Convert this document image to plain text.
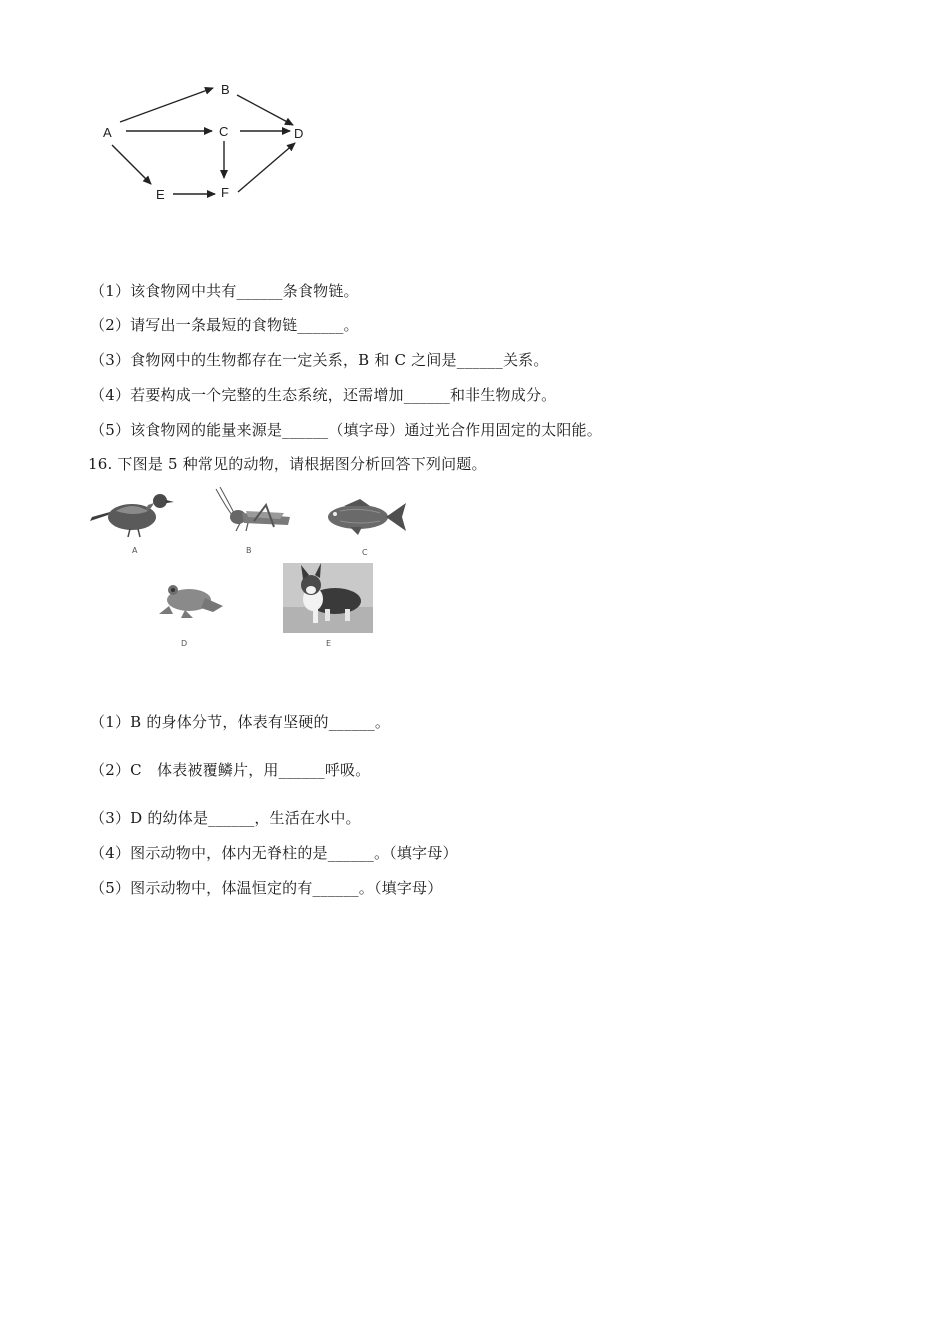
A
B
C	D
E	F
（1）该食物网中共有______条食物链。
（2）请写出一条最短的食物链______。
（3）食物网中的生物都存在一定关系，B 和 C 之间是______关系。
（4）若要构成一个完整的生态系统，还需增加______和非生物成分。
（5）该食物网的能量来源是______（填字母）通过光合作用固定的太阳能。
16. 下图是 5 种常见的动物，请根据图分析回答下列问题。
A	B	C
D	E
（1）B 的身体分节，体表有坚硬的______。
（2）C　体表被覆鳞片，用______呼吸。
（3）D 的幼体是______，生活在水中。
（4）图示动物中，体内无脊柱的是______。（填字母）
（5）图示动物中，体温恒定的有______。（填字母）
